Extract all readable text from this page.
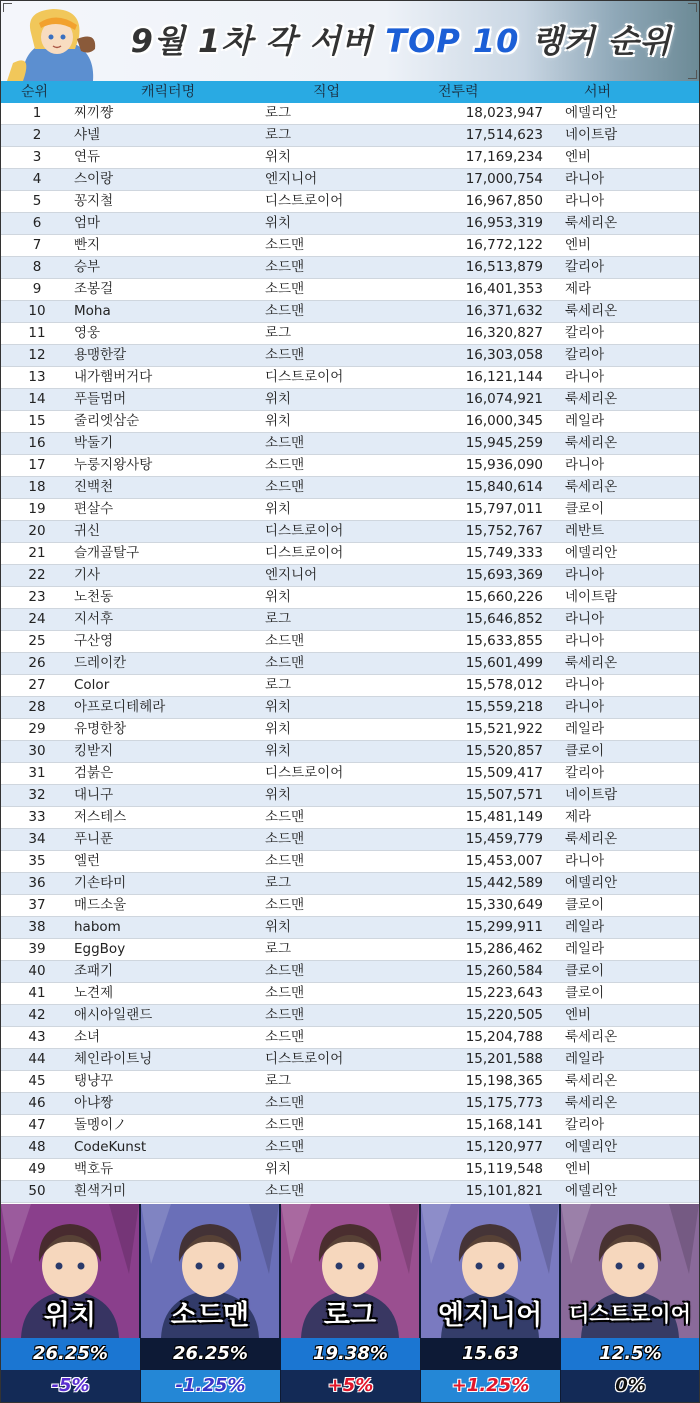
9월 1차 각 서버 TOP 10 랭커 순위
순위	캐릭터명	직업	전투력	서버
1	찌끼쨩	로그	18,023,947 에델리안
2	샤넬	로그	17,514,623 네이트람
3	연듀	위치	17,169,234 엔비
4	스이랑	엔지니어	17,000,754 라니아
5	꽁지철	디스트로이어	16,967,850 라니아
6	엄마	위치	16,953,319 룩세리온
7	빤지	소드맨	16,772,122 엔비
8	승부	소드맨	16,513,879 칼리아
9	조봉걸	소드맨	16,401,353 제라
10	Moha	소드맨	16,371,632 룩세리온
11	영웅	로그	16,320,827 칼리아
12	용맹한칼	소드맨	16,303,058 칼리아
13	내가햄버거다	디스트로이어	16,121,144 라니아
14	푸들멈머	위치	16,074,921 룩세리온
15	줄리엣삼순	위치	16,000,345 레일라
16	박둘기	소드맨	15,945,259 룩세리온
17	누룽지왕사탕	소드맨	15,936,090 라니아
18	진백천	소드맨	15,840,614 룩세리온
19	편살수	위치	15,797,011 클로이
20	귀신	디스트로이어	15,752,767 레반트
21	슬개골탈구	디스트로이어	15,749,333 에델리안
22	기사	엔지니어	15,693,369 라니아
23	노천동	위치	15,660,226 네이트람
24	지서후	로그	15,646,852 라니아
25	구산영	소드맨	15,633,855 라니아
26	드레이칸	소드맨	15,601,499 룩세리온
27	Color	로그	15,578,012 라니아
28	아프로디테헤라	위치	15,559,218 라니아
29	유명한창	위치	15,521,922 레일라
30	킹받지	위치	15,520,857 클로이
31	검붉은	디스트로이어	15,509,417 칼리아
32	대니구	위치	15,507,571 네이트람
33	저스테스	소드맨	15,481,149 제라
34	푸니푼	소드맨	15,459,779 룩세리온
35	엘런	소드맨	15,453,007 라니아
36	기손타미	로그	15,442,589 에델리안
37	매드소울	소드맨	15,330,649 클로이
38	habom	위치	15,299,911 레일라
39	EggBoy	로그	15,286,462 레일라
40	조패기	소드맨	15,260,584 클로이
41	노견제	소드맨	15,223,643 클로이
42	애시아일랜드	소드맨	15,220,505 엔비
43	소녀	소드맨	15,204,788 룩세리온
44	체인라이트닝	디스트로이어	15,201,588 레일라
45	탱냥꾸	로그	15,198,365 룩세리온
46	아냐짱	소드맨	15,175,773 룩세리온
47	돌멩이ノ	소드맨	15,168,141 칼리아
48	CodeKunst	소드맨	15,120,977 에델리안
49	백호듀	위치	15,119,548 엔비
50	흰색거미	소드맨	15,101,821 에델리안
위치
26.25%
-5%
소드맨
26.25%
-1.25%
로그
19.38%
+5%
엔지니어
15.63
+1.25%
디스트로이어
12.5%
0%
